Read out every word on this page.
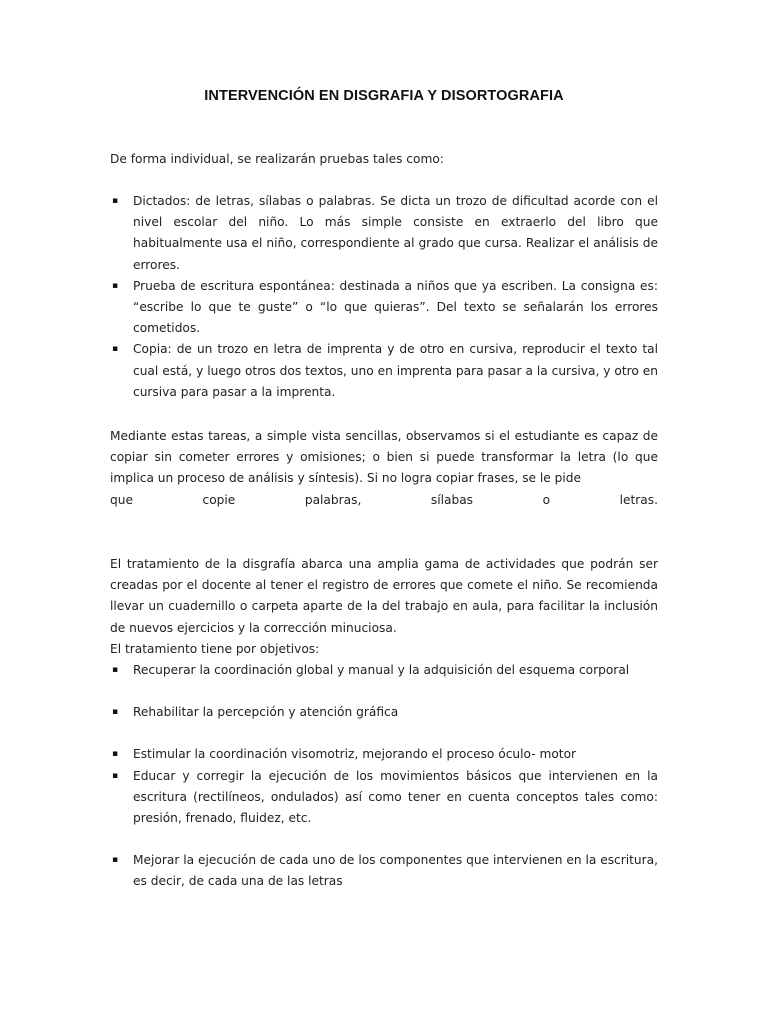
INTERVENCIÓN EN DISGRAFIA Y DISORTOGRAFIA

De forma individual, se realizarán pruebas tales como:

▪	Dictados: de letras, sílabas o palabras. Se dicta un trozo de dificultad acorde con el nivel escolar del niño. Lo más simple consiste en extraerlo del libro que habitualmente usa el niño, correspondiente al grado que cursa. Realizar el análisis de errores.
▪	Prueba de escritura espontánea: destinada a niños que ya escriben. La consigna es: “escribe lo que te guste” o “lo que quieras”. Del texto se señalarán los errores cometidos.
▪	Copia: de un trozo en letra de imprenta y de otro en cursiva, reproducir el texto tal cual está, y luego otros dos textos, uno en imprenta para pasar a la cursiva, y otro en cursiva para pasar a la imprenta.

Mediante estas tareas, a simple vista sencillas, observamos si el estudiante es capaz de copiar sin cometer errores y omisiones; o bien si puede transformar la letra (lo que implica un proceso de análisis y síntesis). Si no logra copiar frases, se le pide

que	copie	palabras,	sílabas	o	letras.

El tratamiento de la disgrafía abarca una amplia gama de actividades que podrán ser creadas por el docente al tener el registro de errores que comete el niño. Se recomienda llevar un cuadernillo o carpeta aparte de la del trabajo en aula, para facilitar la inclusión de nuevos ejercicios y la corrección minuciosa.

El tratamiento tiene por objetivos:

▪	Recuperar la coordinación global y manual y la adquisición del esquema corporal
▪	Rehabilitar la percepción y atención gráfica
▪	Estimular la coordinación visomotriz, mejorando el proceso óculo- motor
▪	Educar y corregir la ejecución de los movimientos básicos que intervienen en la escritura (rectilíneos, ondulados) así como tener en cuenta conceptos tales como: presión, frenado, fluidez, etc.
▪	Mejorar la ejecución de cada uno de los componentes que intervienen en la escritura, es decir, de cada una de las letras
